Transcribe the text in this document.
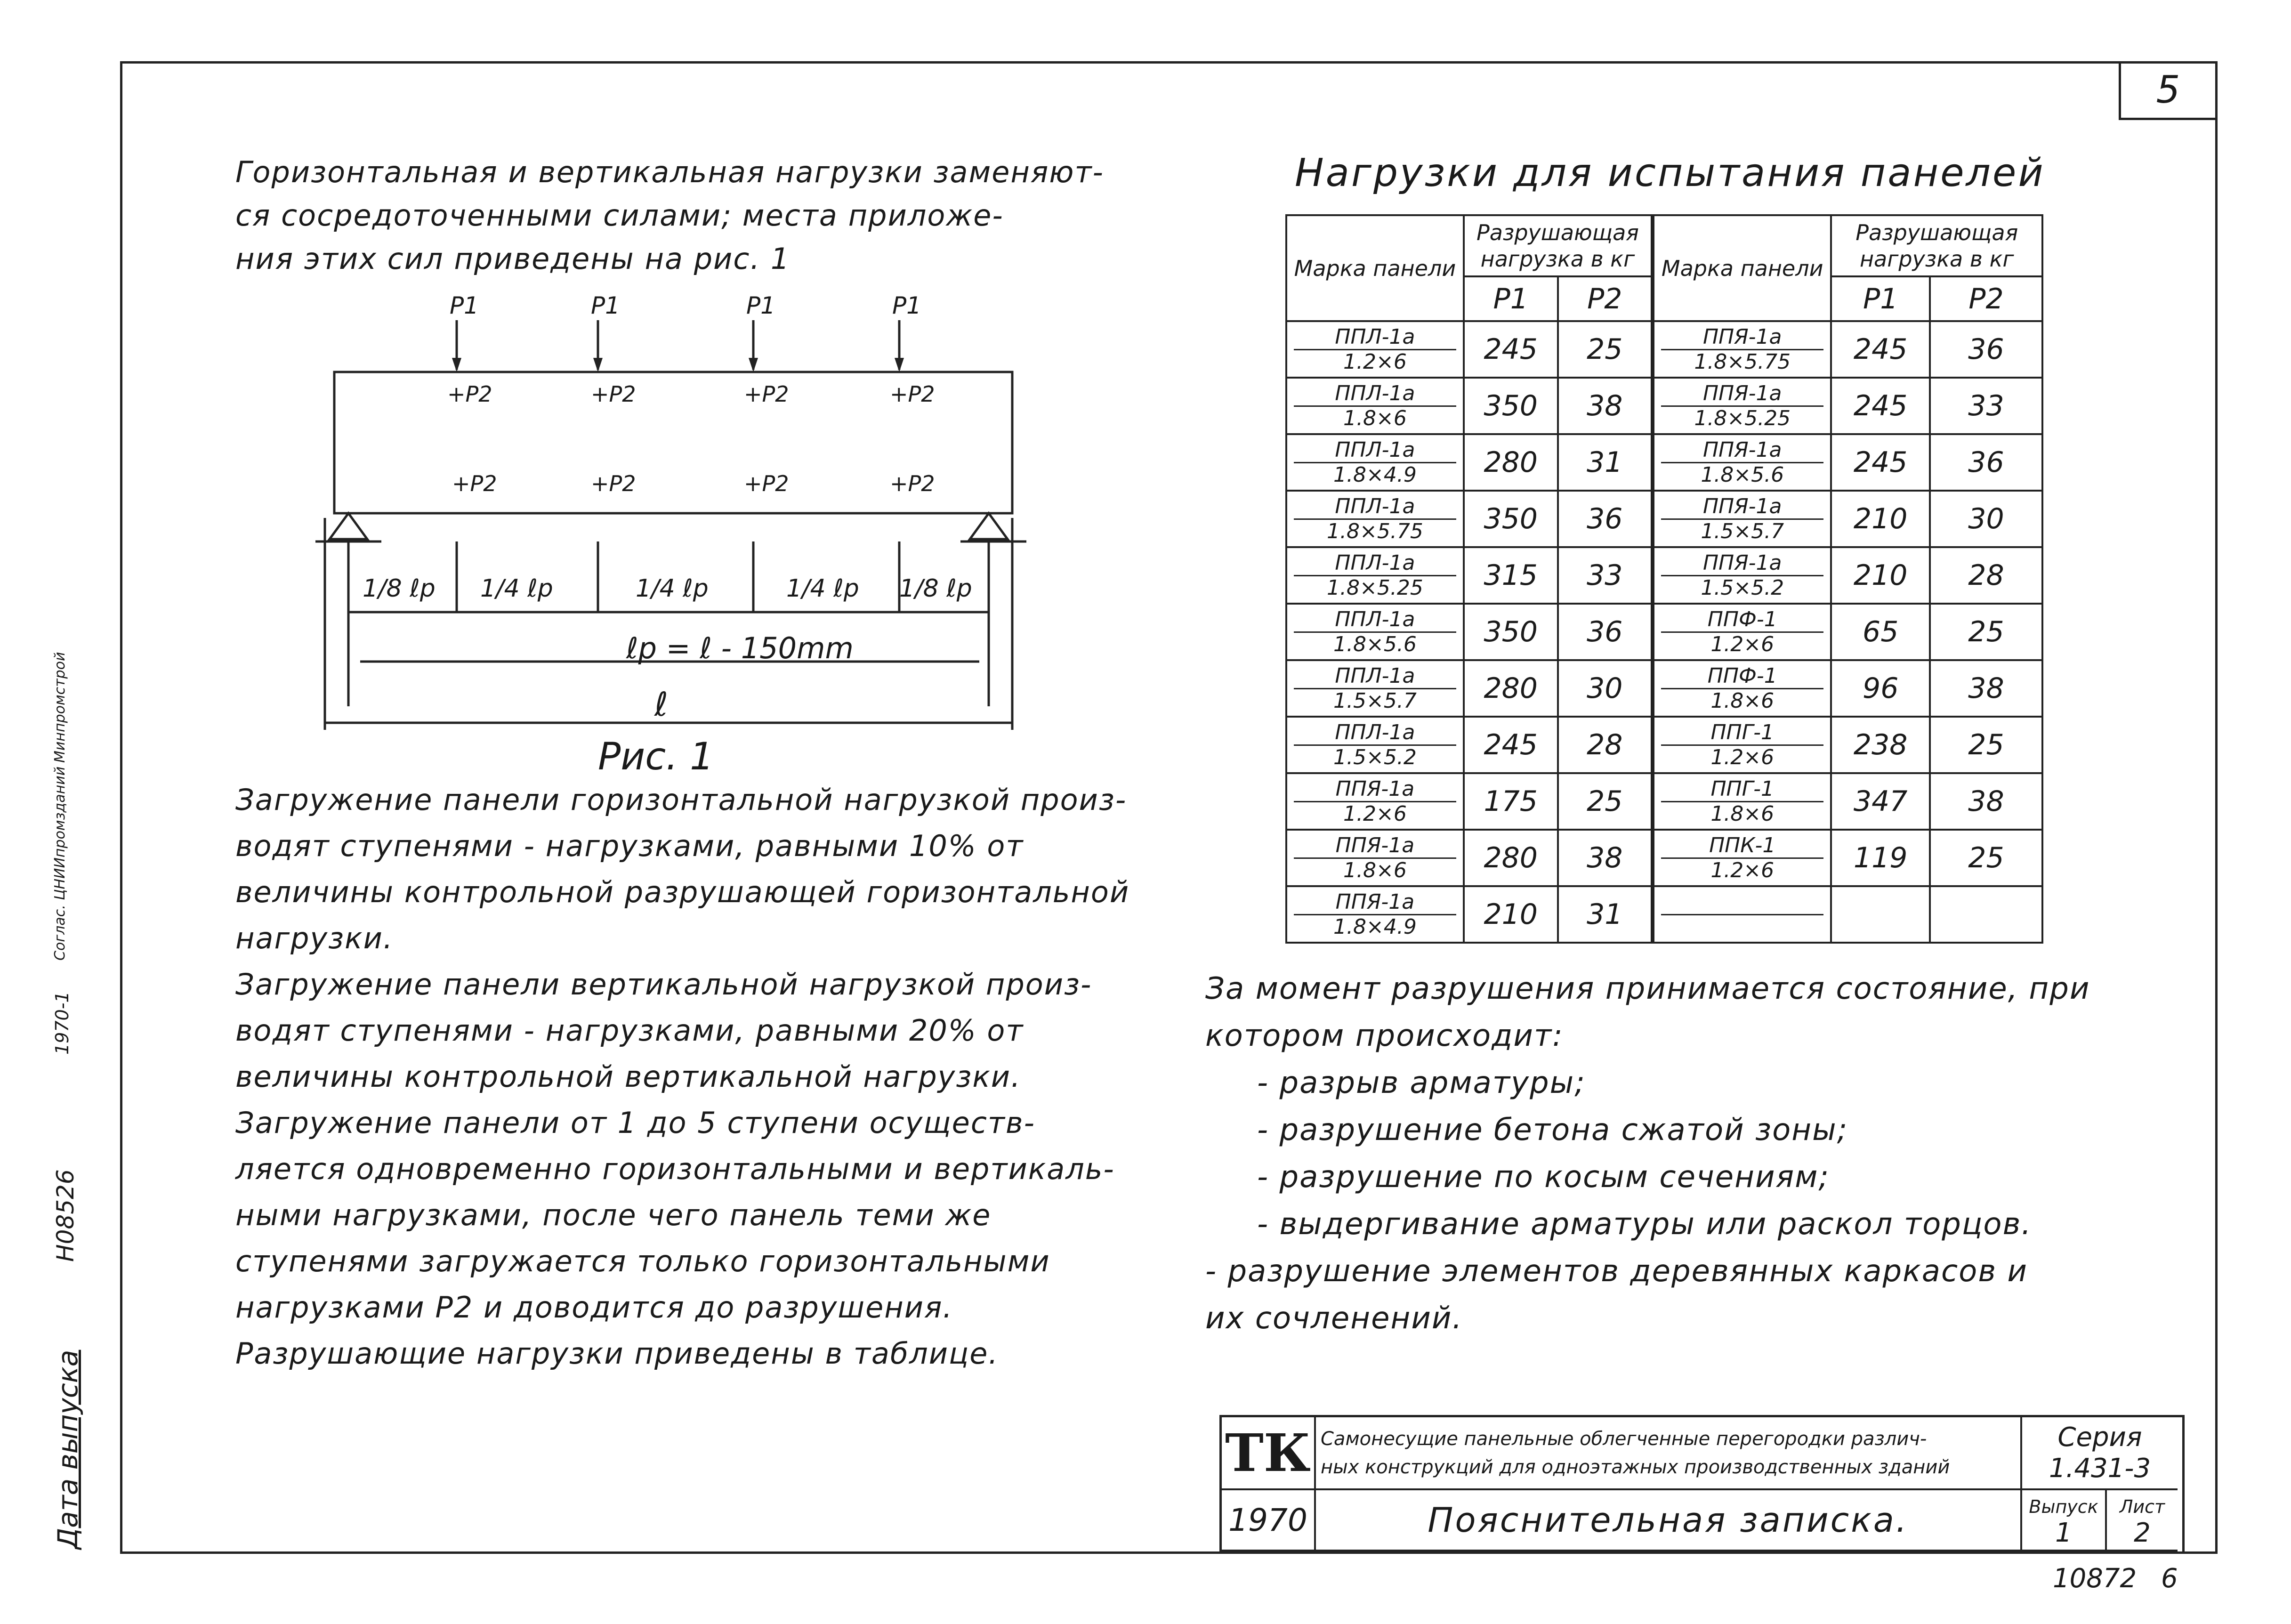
5
Дата выпуска
Н08526
1970-1
Соглас. ЦНИИпромзданий
Минпромстрой
Горизонтальная и вертикальная нагрузки заменяют-
ся сосредоточенными силами; места приложе-
ния этих сил приведены на рис. 1
P1	P1	P1	P1
+P2	+P2	+P2	+P2
+P2	+P2	+P2	+P2
1/8 ℓp 1/4 ℓp	1/4 ℓp	1/4 ℓp 1/8 ℓp
ℓp = ℓ - 150mm
ℓ
Рис. 1
Загружение панели горизонтальной нагрузкой произ-
водят ступенями - нагрузками, равными 10% от
величины контрольной разрушающей горизонтальной
нагрузки.
Загружение панели вертикальной нагрузкой произ-
водят ступенями - нагрузками, равными 20% от
величины контрольной вертикальной нагрузки.
Загружение панели от 1 до 5 ступени осуществ-
ляется одновременно горизонтальными и вертикаль-
ными нагрузками, после чего панель теми же
ступенями загружается только горизонтальными
нагрузками P2 и доводится до разрушения.
Разрушающие нагрузки приведены в таблице.
Нагрузки для испытания панелей
Марка панели	Разрушающая нагрузка в кг	
	P1	P2

ППЛ-1а
1.2×6	245	25

ППЛ-1а
1.8×6	350	38

ППЛ-1а
1.8×4.9	280	31

ППЛ-1а
1.8×5.75	350	36

ППЛ-1а
1.8×5.25	315	33

ППЛ-1а
1.8×5.6	350	36

ППЛ-1а
1.5×5.7	280	30

ППЛ-1а
1.5×5.2	245	28

ППЯ-1а
1.2×6	175	25

ППЯ-1а
1.8×6	280	38

ППЯ-1а
1.8×4.9	210	31
Марка панели	Разрушающая нагрузка в кг	
	P1	P2

ППЯ-1а
1.8×5.75	245	36

ППЯ-1а
1.8×5.25	245	33

ППЯ-1а
1.8×5.6	245	36

ППЯ-1а
1.5×5.7	210	30

ППЯ-1а
1.5×5.2	210	28

ППФ-1
1.2×6	65	25

ППФ-1
1.8×6	96	38

ППГ-1
1.2×6	238	25

ППГ-1
1.8×6	347	38

ППК-1
1.2×6	119	25

За момент разрушения принимается состояние, при
котором происходит:
- разрыв арматуры;
- разрушение бетона сжатой зоны;
- разрушение по косым сечениям;
- выдергивание арматуры или раскол торцов.
- разрушение элементов деревянных каркасов и
их сочленений.
ТК Самонесущие панельные облегченные перегородки различ-
ных конструкций для одноэтажных производственных зданий
Серия
1.431-3
1970	Пояснительная записка.	Выпуск
1
Лист
2
10872 6
